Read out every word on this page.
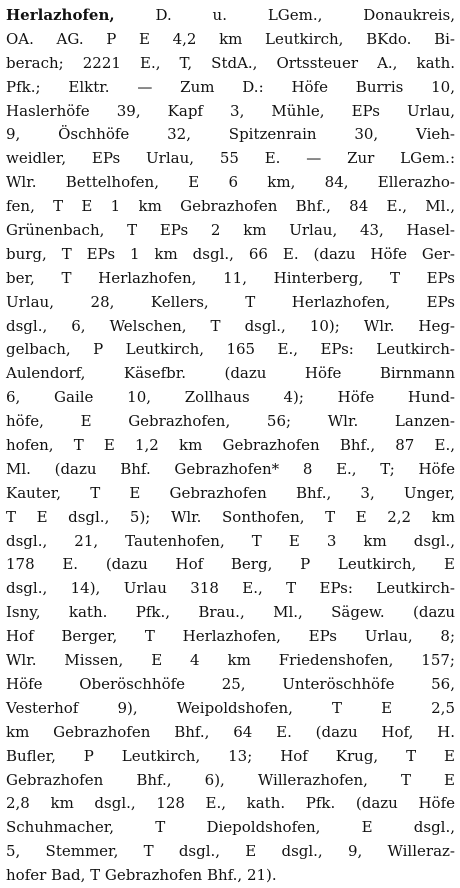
Herlazhofen, D. u. LGem., Donaukreis,
OA. AG. P E 4,2 km Leutkirch, BKdo. Bi-
berach; 2221 E., T, StdA., Ortssteuer A., kath.
Pfk.; Elktr. — Zum D.: Höfe Burris 10,
Haslerhöfe 39, Kapf 3, Mühle, EPs Urlau,
9, Öschhöfe 32, Spitzenrain 30, Vieh-
weidler, EPs Urlau, 55 E. — Zur LGem.:
Wlr. Bettelhofen, E 6 km, 84, Ellerazho-
fen, T E 1 km Gebrazhofen Bhf., 84 E., Ml.,
Grünenbach, T EPs 2 km Urlau, 43, Hasel-
burg, T EPs 1 km dsgl., 66 E. (dazu Höfe Ger-
ber, T Herlazhofen, 11, Hinterberg, T EPs
Urlau, 28, Kellers, T Herlazhofen, EPs
dsgl., 6, Welschen, T dsgl., 10); Wlr. Heg-
gelbach, P Leutkirch, 165 E., EPs: Leutkirch-
Aulendorf, Käsefbr. (dazu Höfe Birnmann
6, Gaile 10, Zollhaus 4); Höfe Hund-
höfe, E Gebrazhofen, 56; Wlr. Lanzen-
hofen, T E 1,2 km Gebrazhofen Bhf., 87 E.,
Ml. (dazu Bhf. Gebrazhofen* 8 E., T; Höfe
Kauter, T E Gebrazhofen Bhf., 3, Unger,
T E dsgl., 5); Wlr. Sonthofen, T E 2,2 km
dsgl., 21, Tautenhofen, T E 3 km dsgl.,
178 E. (dazu Hof Berg, P Leutkirch, E
dsgl., 14), Urlau 318 E., T EPs: Leutkirch-
Isny, kath. Pfk., Brau., Ml., Sägew. (dazu
Hof Berger, T Herlazhofen, EPs Urlau, 8;
Wlr. Missen, E 4 km Friedenshofen, 157;
Höfe Oberöschhöfe 25, Unteröschhöfe 56,
Vesterhof 9), Weipoldshofen, T E 2,5
km Gebrazhofen Bhf., 64 E. (dazu Hof, H.
Bufler, P Leutkirch, 13; Hof Krug, T E
Gebrazhofen Bhf., 6), Willerazhofen, T E
2,8 km dsgl., 128 E., kath. Pfk. (dazu Höfe
Schuhmacher, T Diepoldshofen, E dsgl.,
5, Stemmer, T dsgl., E dsgl., 9, Willeraz-
hofer Bad, T Gebrazhofen Bhf., 21).
